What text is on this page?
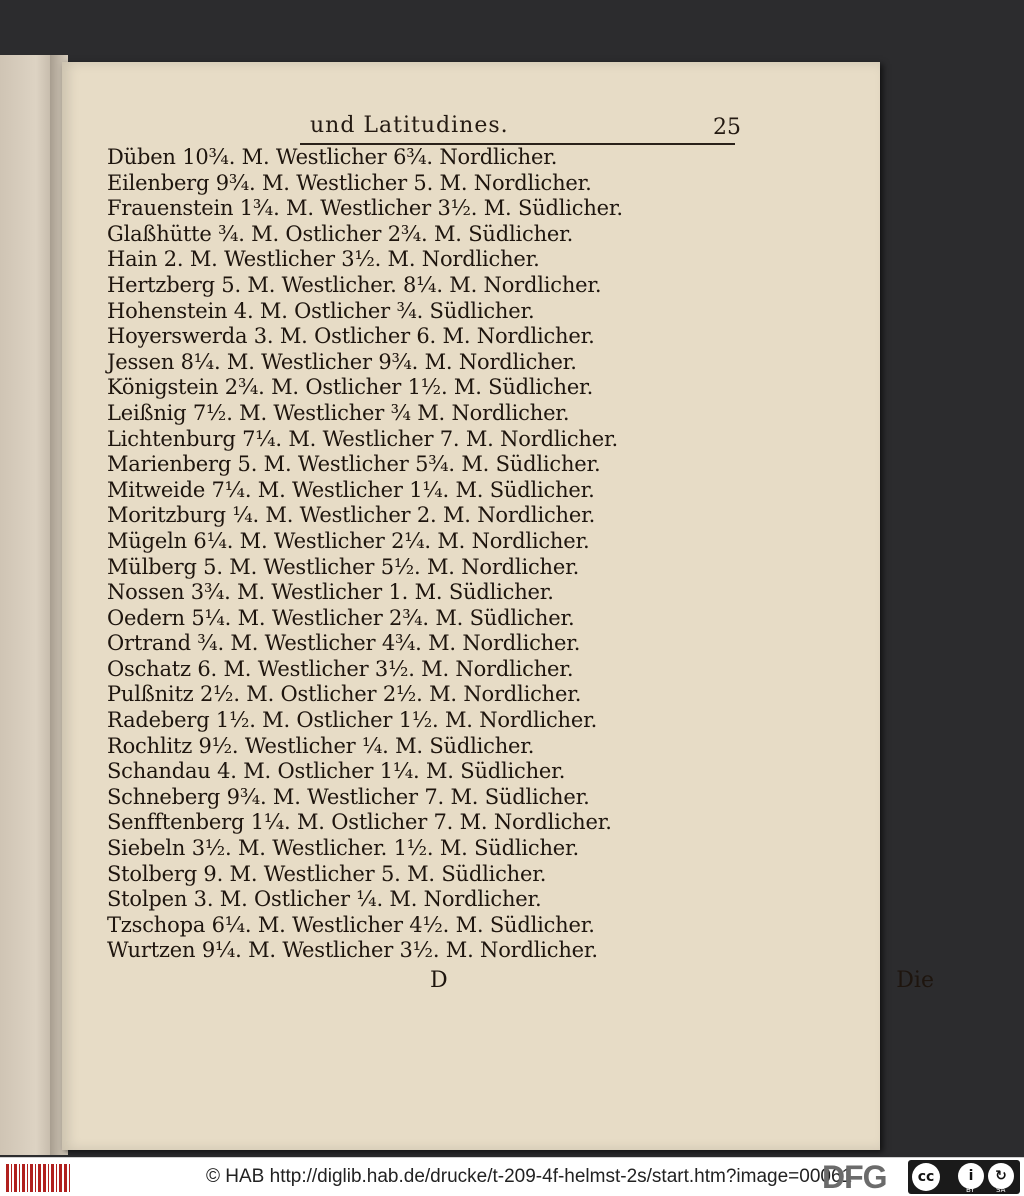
und Latitudines.	25
Düben 10¾. M. Westlicher 6¾. Nordlicher.
Eilenberg 9¾. M. Westlicher 5. M. Nordlicher.
Frauenstein 1¾. M. Westlicher 3½. M. Südlicher.
Glaßhütte ¾. M. Ostlicher 2¾. M. Südlicher.
Hain 2. M. Westlicher 3½. M. Nordlicher.
Hertzberg 5. M. Westlicher. 8¼. M. Nordlicher.
Hohenstein 4. M. Ostlicher ¾. Südlicher.
Hoyerswerda 3. M. Ostlicher 6. M. Nordlicher.
Jessen 8¼. M. Westlicher 9¾. M. Nordlicher.
Königstein 2¾. M. Ostlicher 1½. M. Südlicher.
Leißnig 7½. M. Westlicher ¾ M. Nordlicher.
Lichtenburg 7¼. M. Westlicher 7. M. Nordlicher.
Marienberg 5. M. Westlicher 5¾. M. Südlicher.
Mitweide 7¼. M. Westlicher 1¼. M. Südlicher.
Moritzburg ¼. M. Westlicher 2. M. Nordlicher.
Mügeln 6¼. M. Westlicher 2¼. M. Nordlicher.
Mülberg 5. M. Westlicher 5½. M. Nordlicher.
Nossen 3¾. M. Westlicher 1. M. Südlicher.
Oedern 5¼. M. Westlicher 2¾. M. Südlicher.
Ortrand ¾. M. Westlicher 4¾. M. Nordlicher.
Oschatz 6. M. Westlicher 3½. M. Nordlicher.
Pulßnitz 2½. M. Ostlicher 2½. M. Nordlicher.
Radeberg 1½. M. Ostlicher 1½. M. Nordlicher.
Rochlitz 9½. Westlicher ¼. M. Südlicher.
Schandau 4. M. Ostlicher 1¼. M. Südlicher.
Schneberg 9¾. M. Westlicher 7. M. Südlicher.
Senfftenberg 1¼. M. Ostlicher 7. M. Nordlicher.
Siebeln 3½. M. Westlicher. 1½. M. Südlicher.
Stolberg 9. M. Westlicher 5. M. Südlicher.
Stolpen 3. M. Ostlicher ¼. M. Nordlicher.
Tzschopa 6¼. M. Westlicher 4½. M. Südlicher.
Wurtzen 9¼. M. Westlicher 3½. M. Nordlicher.
D	Die
© HAB http://diglib.hab.de/drucke/t-209-4f-helmst-2s/start.htm?image=00061
DFG	cc	i	↻
BY	SA
